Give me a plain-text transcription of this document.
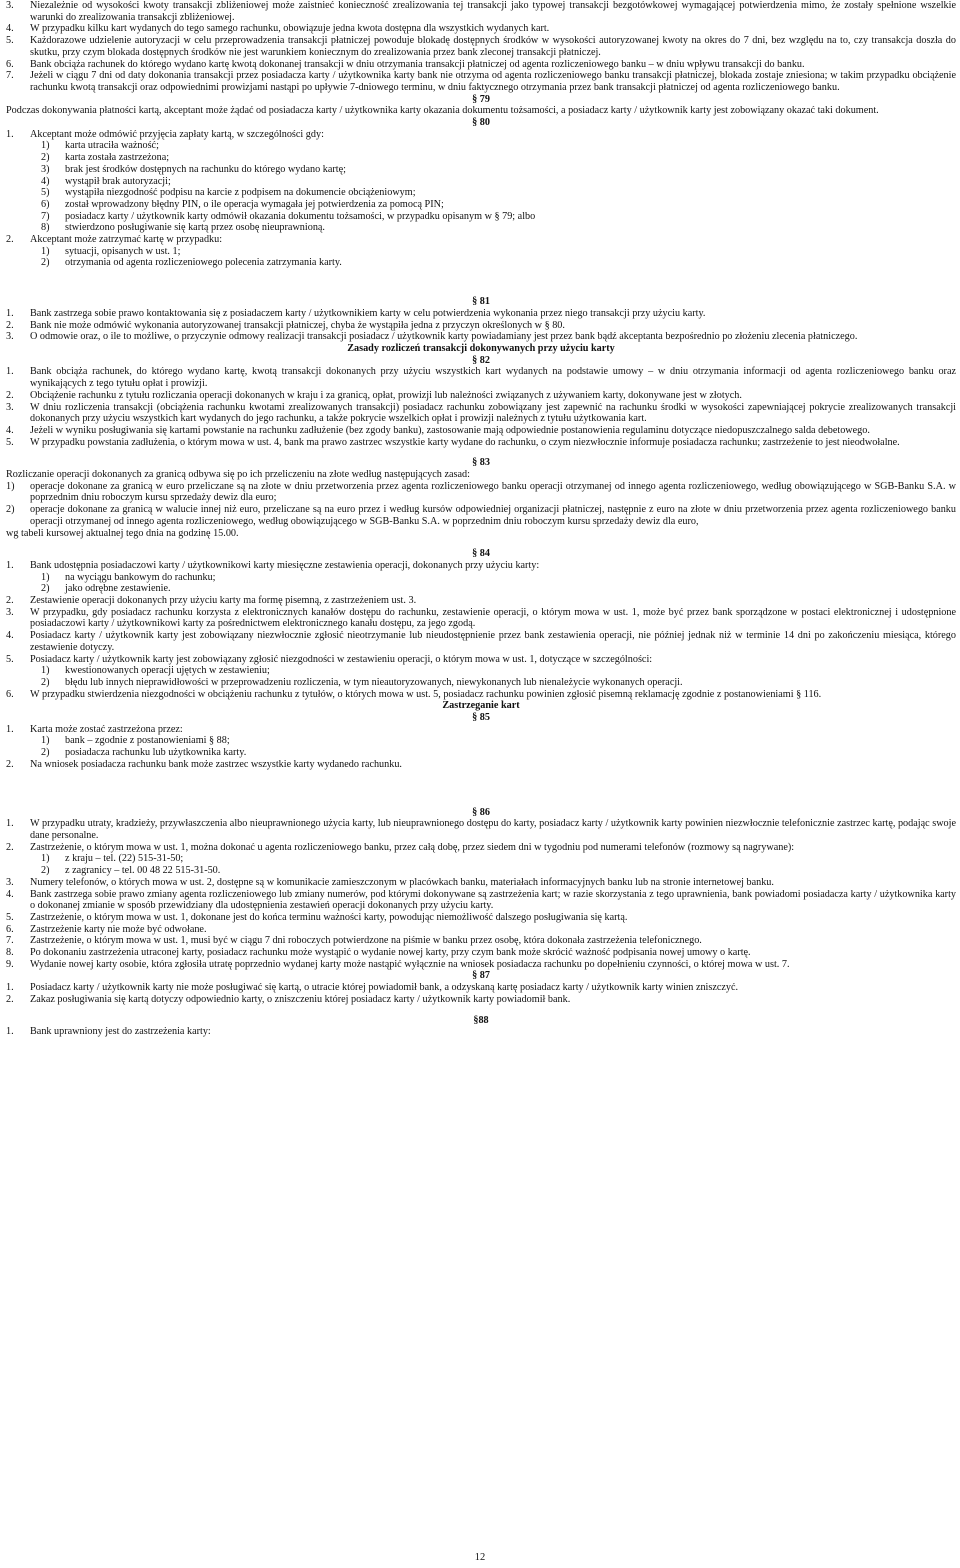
3. Niezależnie od wysokości kwoty transakcji zbliżeniowej może zaistnieć konieczność zrealizowania tej transakcji jako typowej transakcji bezgotówkowej wymagającej potwierdzenia mimo, że zostały spełnione wszelkie warunki do zrealizowania transakcji zbliżeniowej.
4. W przypadku kilku kart wydanych do tego samego rachunku, obowiązuje jedna kwota dostępna dla wszystkich wydanych kart.
5. Każdorazowe udzielenie autoryzacji w celu przeprowadzenia transakcji płatniczej powoduje blokadę dostępnych środków w wysokości autoryzowanej kwoty na okres do 7 dni, bez względu na to, czy transakcja doszła do skutku, przy czym blokada dostępnych środków nie jest warunkiem koniecznym do zrealizowania przez bank zleconej transakcji płatniczej.
6. Bank obciąża rachunek do którego wydano kartę kwotą dokonanej transakcji w dniu otrzymania transakcji płatniczej od agenta rozliczeniowego banku – w dniu wpływu transakcji do banku.
7. Jeżeli w ciągu 7 dni od daty dokonania transakcji przez posiadacza karty / użytkownika karty bank nie otrzyma od agenta rozliczeniowego banku transakcji płatniczej, blokada zostaje zniesiona; w takim przypadku obciążenie rachunku kwotą transakcji oraz odpowiednimi prowizjami nastąpi po upływie 7-dniowego terminu, w dniu faktycznego otrzymania przez bank transakcji płatniczej od agenta rozliczeniowego banku.
§ 79
Podczas dokonywania płatności kartą, akceptant może żądać od posiadacza karty / użytkownika karty okazania dokumentu tożsamości, a posiadacz karty / użytkownik karty jest zobowiązany okazać taki dokument.
§ 80
1. Akceptant może odmówić przyjęcia zapłaty kartą, w szczególności gdy:
1) karta utraciła ważność;
2) karta została zastrzeżona;
3) brak jest środków dostępnych na rachunku do którego wydano kartę;
4) wystąpił brak autoryzacji;
5) wystąpiła niezgodność podpisu na karcie z podpisem na dokumencie obciążeniowym;
6) został wprowadzony błędny PIN, o ile operacja wymagała jej potwierdzenia za pomocą PIN;
7) posiadacz karty / użytkownik karty odmówił okazania dokumentu tożsamości, w przypadku opisanym w § 79; albo
8) stwierdzono posługiwanie się kartą przez osobę nieuprawnioną.
2. Akceptant może zatrzymać kartę w przypadku:
1) sytuacji, opisanych w ust. 1;
2) otrzymania od agenta rozliczeniowego polecenia zatrzymania karty.
§ 81
1. Bank zastrzega sobie prawo kontaktowania się z posiadaczem karty / użytkownikiem karty w celu potwierdzenia wykonania przez niego transakcji przy użyciu karty.
2. Bank nie może odmówić wykonania autoryzowanej transakcji płatniczej, chyba że wystąpiła jedna z przyczyn określonych w § 80.
3. O odmowie oraz, o ile to możliwe, o przyczynie odmowy realizacji transakcji posiadacz / użytkownik karty powiadamiany jest przez bank bądź akceptanta bezpośrednio po złożeniu zlecenia płatniczego.
Zasady rozliczeń transakcji dokonywanych przy użyciu karty
§ 82
1. Bank obciąża rachunek, do którego wydano kartę, kwotą transakcji dokonanych przy użyciu wszystkich kart wydanych na podstawie umowy – w dniu otrzymania informacji od agenta rozliczeniowego banku oraz wynikających z tego tytułu opłat i prowizji.
2. Obciążenie rachunku z tytułu rozliczania operacji dokonanych w kraju i za granicą, opłat, prowizji lub należności związanych z używaniem karty, dokonywane jest w złotych.
3. W dniu rozliczenia transakcji (obciążenia rachunku kwotami zrealizowanych transakcji) posiadacz rachunku zobowiązany jest zapewnić na rachunku środki w wysokości zapewniającej pokrycie zrealizowanych transakcji dokonanych przy użyciu wszystkich kart wydanych do jego rachunku, a także pokrycie wszelkich opłat i prowizji należnych z tytułu użytkowania kart.
4. Jeżeli w wyniku posługiwania się kartami powstanie na rachunku zadłużenie (bez zgody banku), zastosowanie mają odpowiednie postanowienia regulaminu dotyczące niedopuszczalnego salda debetowego.
5. W przypadku powstania zadłużenia, o którym mowa w ust. 4, bank ma prawo zastrzec wszystkie karty wydane do rachunku, o czym niezwłocznie informuje posiadacza rachunku; zastrzeżenie to jest nieodwołalne.
§ 83
Rozliczanie operacji dokonanych za granicą odbywa się po ich przeliczeniu na złote według następujących zasad:
1) operacje dokonane za granicą w euro przeliczane są na złote w dniu przetworzenia przez agenta rozliczeniowego banku operacji otrzymanej od innego agenta rozliczeniowego, według obowiązującego w SGB-Banku S.A. w poprzednim dniu roboczym kursu sprzedaży dewiz dla euro;
2) operacje dokonane za granicą w walucie innej niż euro, przeliczane są na euro przez i według kursów odpowiedniej organizacji płatniczej, następnie z euro na złote w dniu przetworzenia przez agenta rozliczeniowego banku operacji otrzymanej od innego agenta rozliczeniowego, według obowiązującego w SGB-Banku S.A. w poprzednim dniu roboczym kursu sprzedaży dewiz dla euro,
wg tabeli kursowej aktualnej tego dnia na godzinę 15.00.
§ 84
1. Bank udostępnia posiadaczowi karty / użytkownikowi karty miesięczne zestawienia operacji, dokonanych przy użyciu karty:
1) na wyciągu bankowym do rachunku;
2) jako odrębne zestawienie.
2. Zestawienie operacji dokonanych przy użyciu karty ma formę pisemną, z zastrzeżeniem ust. 3.
3. W przypadku, gdy posiadacz rachunku korzysta z elektronicznych kanałów dostępu do rachunku, zestawienie operacji, o którym mowa w ust. 1, może być przez bank sporządzone w postaci elektronicznej i udostępnione posiadaczowi karty / użytkownikowi karty za pośrednictwem elektronicznego kanału dostępu, za jego zgodą.
4. Posiadacz karty / użytkownik karty jest zobowiązany niezwłocznie zgłosić nieotrzymanie lub nieudostępnienie przez bank zestawienia operacji, nie później jednak niż w terminie 14 dni po zakończeniu miesiąca, którego zestawienie dotyczy.
5. Posiadacz karty / użytkownik karty jest zobowiązany zgłosić niezgodności w zestawieniu operacji, o którym mowa w ust. 1, dotyczące w szczególności:
1) kwestionowanych operacji ujętych w zestawieniu;
2) błędu lub innych nieprawidłowości w przeprowadzeniu rozliczenia, w tym nieautoryzowanych, niewykonanych lub nienależycie wykonanych operacji.
6. W przypadku stwierdzenia niezgodności w obciążeniu rachunku z tytułów, o których mowa w ust. 5, posiadacz rachunku powinien zgłosić pisemną reklamację zgodnie z postanowieniami § 116.
Zastrzeganie kart
§ 85
1. Karta może zostać zastrzeżona przez:
1) bank – zgodnie z postanowieniami § 88;
2) posiadacza rachunku lub użytkownika karty.
2. Na wniosek posiadacza rachunku bank może zastrzec wszystkie karty wydanedo rachunku.
§ 86
1. W przypadku utraty, kradzieży, przywłaszczenia albo nieuprawnionego użycia karty, lub nieuprawnionego dostępu do karty, posiadacz karty / użytkownik karty powinien niezwłocznie telefonicznie zastrzec kartę, podając swoje dane personalne.
2. Zastrzeżenie, o którym mowa w ust. 1, można dokonać u agenta rozliczeniowego banku, przez całą dobę, przez siedem dni w tygodniu pod numerami telefonów (rozmowy są nagrywane):
1) z kraju – tel. (22) 515-31-50;
2) z zagranicy – tel. 00 48 22 515-31-50.
3. Numery telefonów, o których mowa w ust. 2, dostępne są w komunikacie zamieszczonym w placówkach banku, materiałach informacyjnych banku lub na stronie internetowej banku.
4. Bank zastrzega sobie prawo zmiany agenta rozliczeniowego lub zmiany numerów, pod którymi dokonywane są zastrzeżenia kart; w razie skorzystania z tego uprawnienia, bank powiadomi posiadacza karty / użytkownika karty o dokonanej zmianie w sposób przewidziany dla udostępnienia zestawień operacji dokonanych przy użyciu karty.
5. Zastrzeżenie, o którym mowa w ust. 1, dokonane jest do końca terminu ważności karty, powodując niemożliwość dalszego posługiwania się kartą.
6. Zastrzeżenie karty nie może być odwołane.
7. Zastrzeżenie, o którym mowa w ust. 1, musi być w ciągu 7 dni roboczych potwierdzone na piśmie w banku przez osobę, która dokonała zastrzeżenia telefonicznego.
8. Po dokonaniu zastrzeżenia utraconej karty, posiadacz rachunku może wystąpić o wydanie nowej karty, przy czym bank może skrócić ważność podpisania nowej umowy o kartę.
9. Wydanie nowej karty osobie, która zgłosiła utratę poprzednio wydanej karty może nastąpić wyłącznie na wniosek posiadacza rachunku po dopełnieniu czynności, o której mowa w ust. 7.
§ 87
1. Posiadacz karty / użytkownik karty nie może posługiwać się kartą, o utracie której powiadomił bank, a odzyskaną kartę posiadacz karty / użytkownik karty winien zniszczyć.
2. Zakaz posługiwania się kartą dotyczy odpowiednio karty, o zniszczeniu której posiadacz karty / użytkownik karty powiadomił bank.
§88
1. Bank uprawniony jest do zastrzeżenia karty:
12
